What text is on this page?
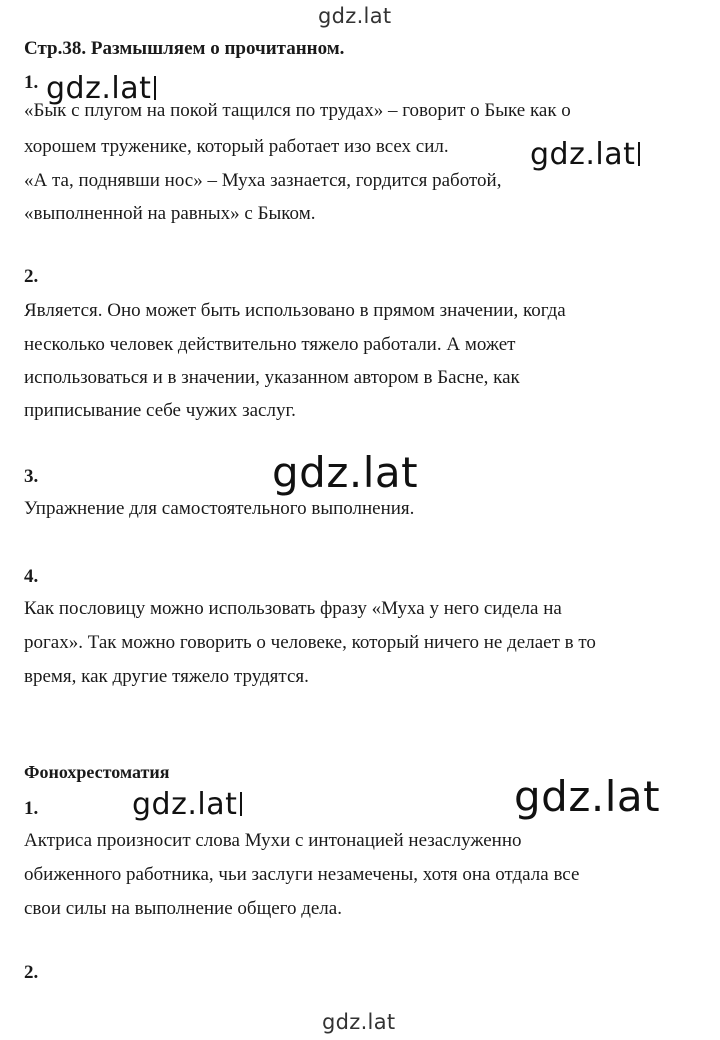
gdz.lat
Стр.38. Размышляем о прочитанном.
1. gdz.lat
«Бык с плугом на покой тащился по трудах» – говорит о Быке как о
хорошем труженике, который работает изо всех сил.	gdz.lat
«А та, поднявши нос» – Муха зазнается, гордится работой,
«выполненной на равных» с Быком.
2.
Является. Оно может быть использовано в прямом значении, когда
несколько человек действительно тяжело работали. А может
использоваться и в значении, указанном автором в Басне, как
приписывание себе чужих заслуг.
3.	gdz.lat
Упражнение для самостоятельного выполнения.
4.
Как пословицу можно использовать фразу «Муха у него сидела на
рогах». Так можно говорить о человеке, который ничего не делает в то
время, как другие тяжело трудятся.
Фонохрестоматия
1.	gdz.lat	gdz.lat
Актриса произносит слова Мухи с интонацией незаслуженно
обиженного работника, чьи заслуги незамечены, хотя она отдала все
свои силы на выполнение общего дела.
2.
gdz.lat
